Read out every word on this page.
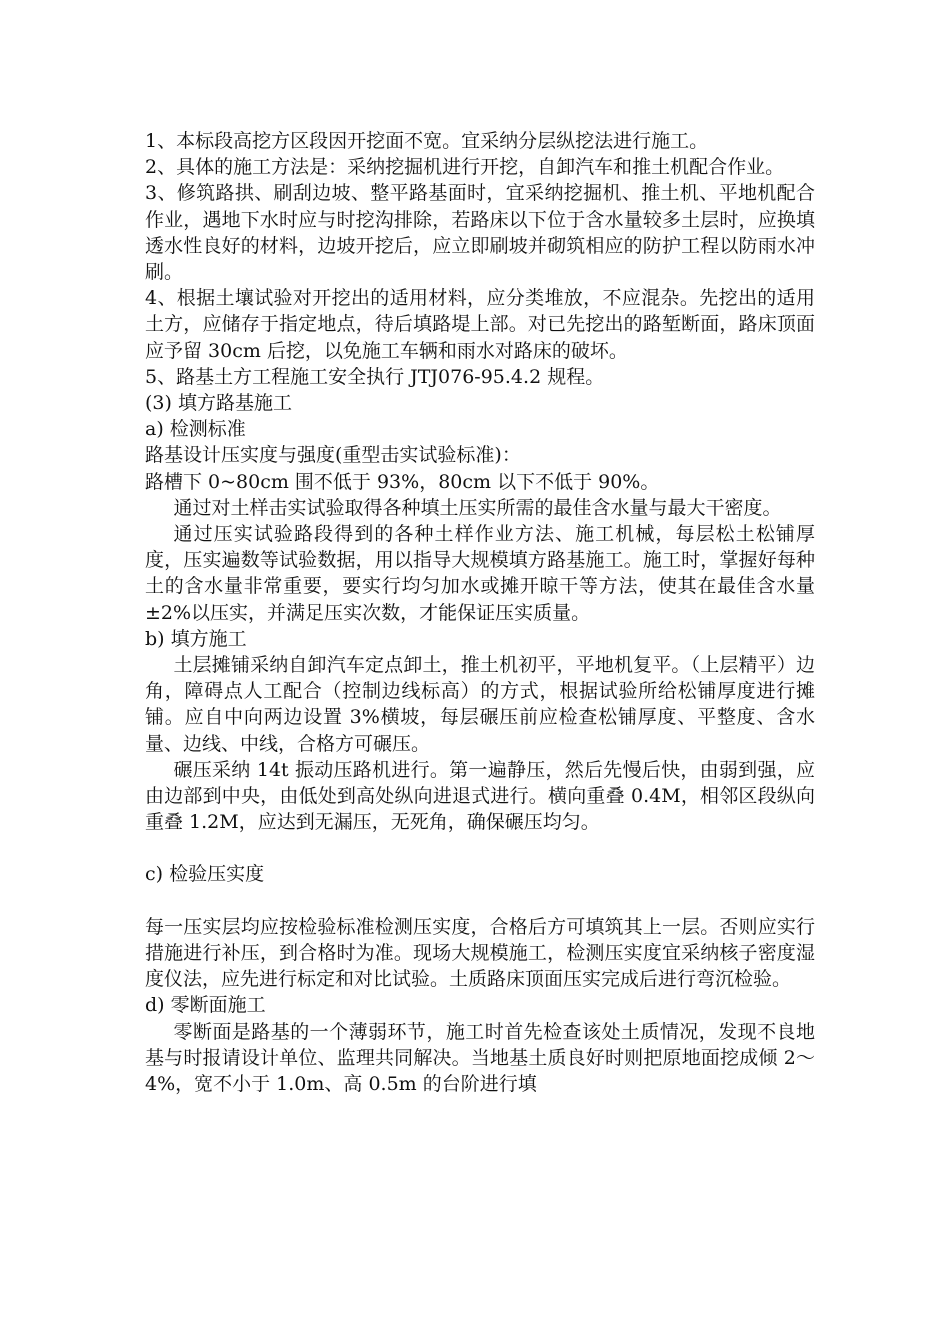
1、本标段高挖方区段因开挖面不宽。宜采纳分层纵挖法进行施工。

2、具体的施工方法是：采纳挖掘机进行开挖，自卸汽车和推土机配合作业。

3、修筑路拱、刷刮边坡、整平路基面时，宜采纳挖掘机、推土机、平地机配合作业，遇地下水时应与时挖沟排除，若路床以下位于含水量较多土层时，应换填透水性良好的材料，边坡开挖后，应立即刷坡并砌筑相应的防护工程以防雨水冲刷。

4、根据土壤试验对开挖出的适用材料，应分类堆放，不应混杂。先挖出的适用土方，应储存于指定地点，待后填路堤上部。对已先挖出的路堑断面，路床顶面应予留 30cm 后挖，以免施工车辆和雨水对路床的破坏。

5、路基土方工程施工安全执行 JTJ076-95.4.2 规程。

(3) 填方路基施工

a) 检测标准

路基设计压实度与强度(重型击实试验标准)：

路槽下 0~80cm 围不低于 93%，80cm 以下不低于 90%。

通过对土样击实试验取得各种填土压实所需的最佳含水量与最大干密度。

通过压实试验路段得到的各种土样作业方法、施工机械，每层松土松铺厚度，压实遍数等试验数据，用以指导大规模填方路基施工。施工时，掌握好每种土的含水量非常重要，要实行均匀加水或摊开晾干等方法，使其在最佳含水量±2%以压实，并满足压实次数，才能保证压实质量。

b) 填方施工

土层摊铺采纳自卸汽车定点卸土，推土机初平，平地机复平。（上层精平）边角，障碍点人工配合（控制边线标高）的方式，根据试验所给松铺厚度进行摊铺。应自中向两边设置 3%横坡，每层碾压前应检查松铺厚度、平整度、含水量、边线、中线，合格方可碾压。

碾压采纳 14t 振动压路机进行。第一遍静压，然后先慢后快，由弱到强，应由边部到中央，由低处到高处纵向进退式进行。横向重叠 0.4M，相邻区段纵向重叠 1.2M，应达到无漏压，无死角，确保碾压均匀。

c) 检验压实度

每一压实层均应按检验标准检测压实度，合格后方可填筑其上一层。否则应实行措施进行补压，到合格时为准。现场大规模施工，检测压实度宜采纳核子密度湿度仪法，应先进行标定和对比试验。土质路床顶面压实完成后进行弯沉检验。

d) 零断面施工

零断面是路基的一个薄弱环节，施工时首先检查该处土质情况，发现不良地基与时报请设计单位、监理共同解决。当地基土质良好时则把原地面挖成倾 2～4%，宽不小于 1.0m、高 0.5m 的台阶进行填
